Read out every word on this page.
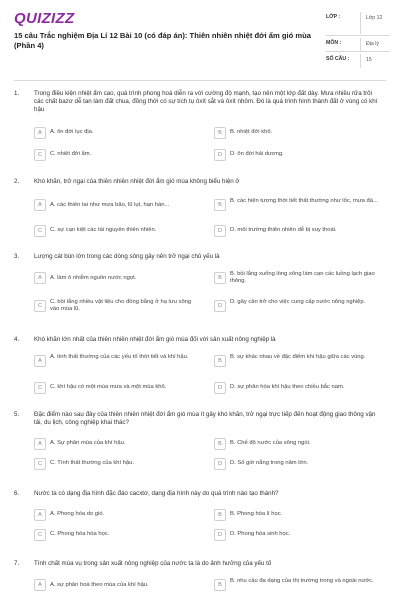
QUIZIZZ
15 câu Trắc nghiệm Địa Lí 12 Bài 10 (có đáp án): Thiên nhiên nhiệt đới ẩm gió mùa (Phần 4)
LỚP :	Lớp 12
MÔN :	Địa lý
SỐ CÂU :	15
1. Trong điều kiện nhiệt ẩm cao, quá trình phong hoá diễn ra với cường độ mạnh, tạo nên một lớp đất dày. Mưa nhiều rửa trôi các chất bazơ dễ tan làm đất chua, đồng thời có sự tích tụ ôxít sắt và ôxít nhôm. Đó là quá trình hình thành đất ở vùng có khí hậu
A	A. ôn đới lục địa.	B	B. nhiệt đới khô.
C	C. nhiệt đới ẩm.	D	D. ôn đới hải dương.
2. Khó khăn, trở ngại của thiên nhiên nhiệt đới ẩm gió mùa không biểu hiện ở
A	A. các thiên tai như mưa bão, lũ lụt, hạn hán...	B
B. các hiện tượng thời tiết thất thường như lốc, mưa đá...
C	C. sự cạn kiệt các tài nguyên thiên nhiên.	D	D. môi trường thiên nhiên dễ bị suy thoái.
3. Lượng cát bùn lớn trong các dòng sông gây nên trở ngại chủ yếu là
A	A. làm ô nhiễm nguồn nước ngọt.	B
B. bồi lắng xuống lòng sông làm cạn các luồng lạch giao thông.
C
C. bồi lắng nhiều vật liệu cho đồng bằng ở hạ lưu sông vào mùa lũ.
D
D. gây cản trở cho việc cung cấp nước nông nghiệp.
4. Khó khăn lớn nhất của thiên nhiên nhiệt đới ẩm gió mùa đối với sản xuất nông nghiệp là
A
A. tính thất thường của các yếu tố thời tiết và khí hậu.
B
B. sự khác nhau về đặc điểm khí hậu giữa các vùng.
C	C. khí hậu có một mùa mưa và một mùa khô.	D	D. sự phân hóa khí hậu theo chiều bắc nam.
5. Đặc điểm nào sau đây của thiên nhiên nhiệt đới ẩm gió mùa ít gây khó khăn, trở ngại trực tiếp đến hoạt động giao thông vận tải, du lịch, công nghiệp khai thác?
A	A. Sự phân mùa của khí hậu.	B	B. Chế độ nước của sông ngòi.
C	C. Tính thất thường của khí hậu.	D	D. Số giờ nắng trong năm lớn.
6. Nước ta có dạng địa hình đặc đáo cacxtơ, dạng địa hình này do quá trình nào tạo thành?
A	A. Phong hóa do gió.	B	B. Phong hóa lí học.
C	C. Phong hóa hóa học.	D	D. Phong hóa sinh học.
7. Tính chất mùa vụ trong sản xuất nông nghiệp của nước ta là do ảnh hưởng của yếu tố
A	A. sự phân hoá theo mùa của khí hậu.	B
B. nhu cầu đa dạng của thị trường trong và ngoài nước.
